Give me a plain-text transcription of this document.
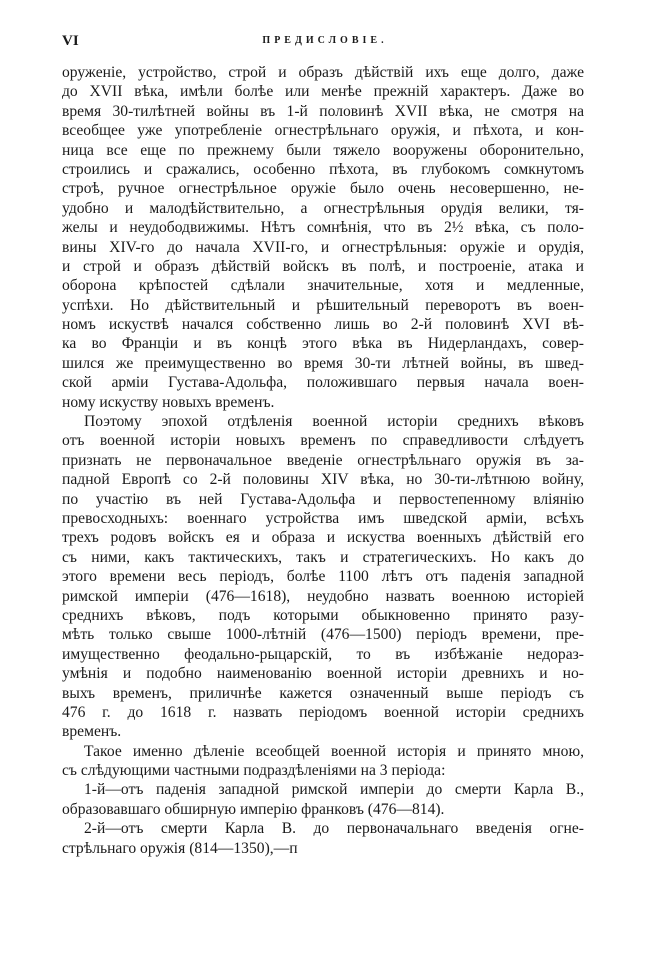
VI	ПРЕДИСЛОВІЕ.
оружeніе, устройство, строй и образъ дѣйствій ихъ еще долго, даже
до XVII вѣка, имѣли болѣе или менѣе прежній характеръ. Даже во
время 30-тилѣтней войны въ 1-й половинѣ XVII вѣка, не смотря на
всеобщее уже употребленіе огнестрѣльнаго оружія, и пѣхота, и кон-
ница все еще по прежнему были тяжело вооружены оборонительно,
строились и сражались, особенно пѣхота, въ глубокомъ сомкнутомъ
строѣ, ручное огнестрѣльное оружіе было очень несовершенно, не-
удобно и малодѣйствительно, а огнестрѣльныя орудія велики, тя-
желы и неудободвижимы. Нѣтъ сомнѣнія, что въ 2½ вѣка, съ поло-
вины XIV-го до начала XVII-го, и огнестрѣльныя: оружіе и орудія,
и строй и образъ дѣйствій войскъ въ полѣ, и построеніе, атака и
оборона крѣпостей сдѣлали значительные, хотя и медленные,
успѣхи. Но дѣйствительный и рѣшительный переворотъ въ воен-
номъ искуствѣ начался собственно лишь во 2-й половинѣ XVI вѣ-
ка во Франціи и въ концѣ этого вѣка въ Нидерландахъ, совер-
шился же преимущественно во время 30-ти лѣтней войны, въ швед-
ской арміи Густава-Адольфа, положившаго первыя начала воен-
ному искуству новыхъ временъ.
Поэтому эпохой отдѣленія военной исторіи среднихъ вѣковъ
отъ военной исторіи новыхъ временъ по справедливости слѣдуетъ
признать не первоначальное введеніе огнестрѣльнаго оружія въ за-
падной Европѣ со 2-й половины XIV вѣка, но 30-ти-лѣтнюю войну,
по участію въ ней Густава-Адольфа и первостепенному вліянію
превосходныхъ: военнаго устройства имъ шведской арміи, всѣхъ
трехъ родовъ войскъ ея и образа и искуства военныхъ дѣйствій его
съ ними, какъ тактическихъ, такъ и стратегическихъ. Но какъ до
этого времени весь періодъ, болѣе 1100 лѣтъ отъ паденія западной
римской имперіи (476—1618), неудобно назвать военною исторіей
среднихъ вѣковъ, подъ которыми обыкновенно принято разу-
мѣть только свыше 1000-лѣтній (476—1500) періодъ времени, пре-
имущественно феодально-рыцарскій, то въ избѣжаніе недораз-
умѣнія и подобно наименованію военной исторіи древнихъ и но-
выхъ временъ, приличнѣе кажется означенный выше періодъ съ
476 г. до 1618 г. назвать періодомъ военной исторіи среднихъ
временъ.
Такое именно дѣленіе всеобщей военной исторія и принято мною,
съ слѣдующими частными подраздѣленіями на 3 періода:
1-й—отъ паденія западной римской имперіи до смерти Карла В.,
образовавшаго обширную имперію франковъ (476—814).
2-й—отъ смерти Карла В. до первоначальнаго введенія огне-
стрѣльнаго оружія (814—1350),—п
